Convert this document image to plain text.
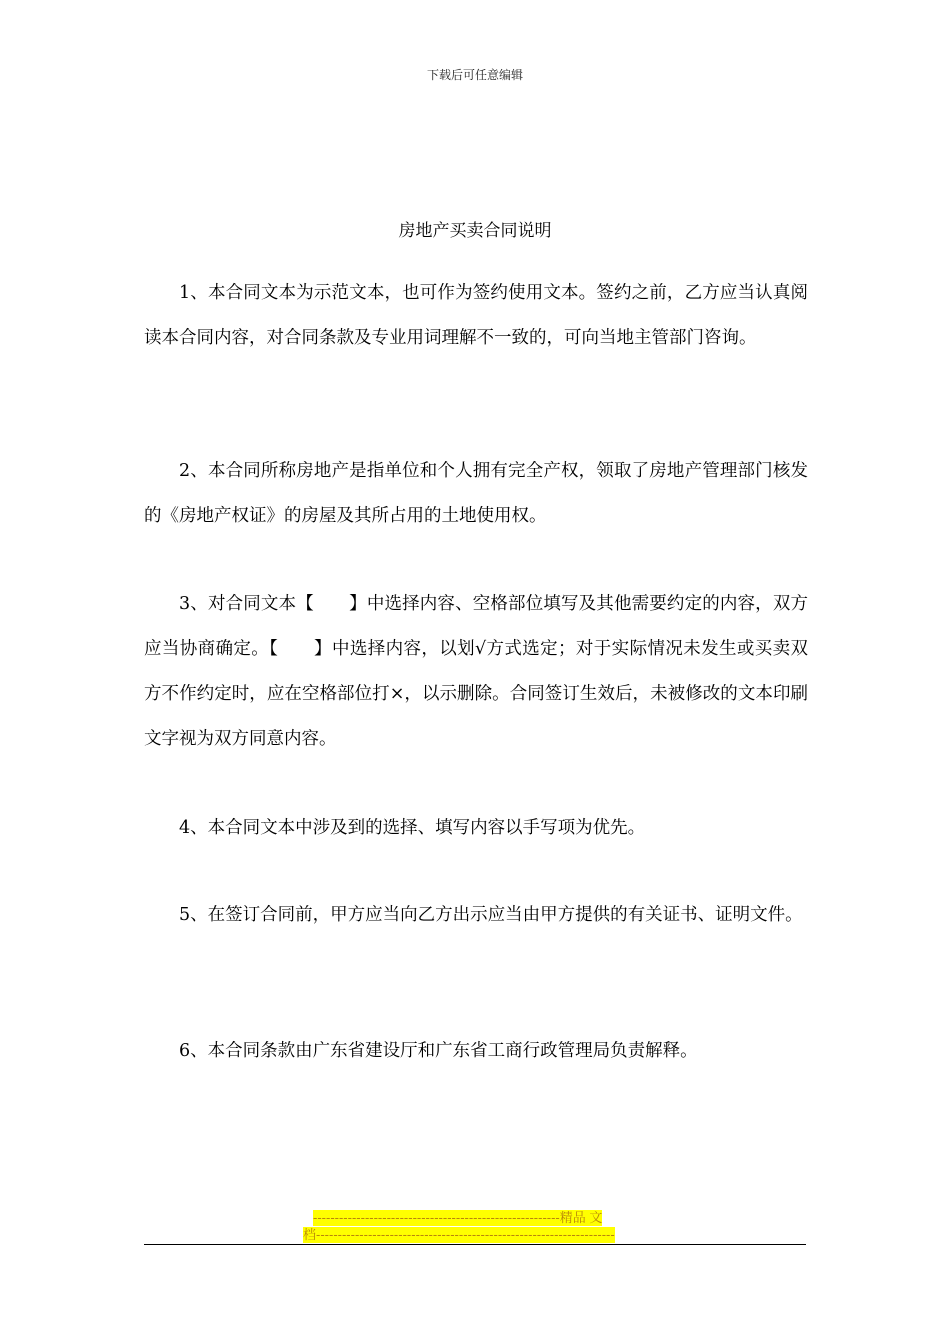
下载后可任意编辑
房地产买卖合同说明

1、本合同文本为示范文本，也可作为签约使用文本。签约之前，乙方应当认真阅读本合同内容，对合同条款及专业用词理解不一致的，可向当地主管部门咨询。

2、本合同所称房地产是指单位和个人拥有完全产权，领取了房地产管理部门核发的《房地产权证》的房屋及其所占用的土地使用权。

3、对合同文本【　　】中选择内容、空格部位填写及其他需要约定的内容，双方应当协商确定。【　　】中选择内容，以划√方式选定；对于实际情况未发生或买卖双方不作约定时，应在空格部位打×，以示删除。合同签订生效后，未被修改的文本印刷文字视为双方同意内容。

4、本合同文本中涉及到的选择、填写内容以手写项为优先。

5、在签订合同前，甲方应当向乙方出示应当由甲方提供的有关证书、证明文件。

6、本合同条款由广东省建设厅和广东省工商行政管理局负责解释。

---------------------------------------------------------精品 文
档---------------------------------------------------------------------
